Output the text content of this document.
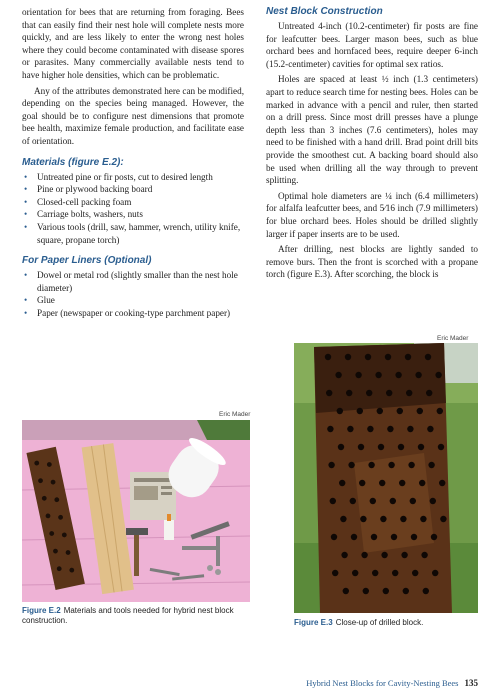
orientation for bees that are returning from foraging. Bees that can easily find their nest hole will complete nests more quickly, and are less likely to enter the wrong nest holes where they could become contaminated with disease spores or parasites. Many commercially available nests tend to have higher hole densities, which can be problematic.

Any of the attributes demonstrated here can be modified, depending on the species being managed. However, the goal should be to configure nest dimensions that promote bee health, maximize female production, and facilitate ease of orientation.

Materials (figure E.2):
• Untreated pine or fir posts, cut to desired length
• Pine or plywood backing board
• Closed-cell packing foam
• Carriage bolts, washers, nuts
• Various tools (drill, saw, hammer, wrench, utility knife, square, propane torch)
For Paper Liners (Optional)
• Dowel or metal rod (slightly smaller than the nest hole diameter)
• Glue
• Paper (newspaper or cooking-type parchment paper)
Nest Block Construction

Untreated 4-inch (10.2-centimeter) fir posts are fine for leafcutter bees. Larger mason bees, such as blue orchard bees and hornfaced bees, require deeper 6-inch (15.2-centimeter) cavities for optimal sex ratios.

Holes are spaced at least ½ inch (1.3 centimeters) apart to reduce search time for nesting bees. Holes can be marked in advance with a pencil and ruler, then started on a drill press. Since most drill presses have a plunge depth less than 3 inches (7.6 centimeters), holes may need to be finished with a hand drill. Brad point drill bits provide the smoothest cut. A backing board should also be used when drilling all the way through to prevent splitting.

Optimal hole diameters are ¼ inch (6.4 millimeters) for alfalfa leafcutter bees, and 5⁄16 inch (7.9 millimeters) for blue orchard bees. Holes should be drilled slightly larger if paper inserts are to be used.

After drilling, nest blocks are lightly sanded to remove burs. Then the front is scorched with a propane torch (figure E.3). After scorching, the block is

Eric Mader
Figure E.2 Materials and tools needed for hybrid nest block construction.
Eric Mader
Figure E.3 Close-up of drilled block.
Hybrid Nest Blocks for Cavity-Nesting Bees 135
